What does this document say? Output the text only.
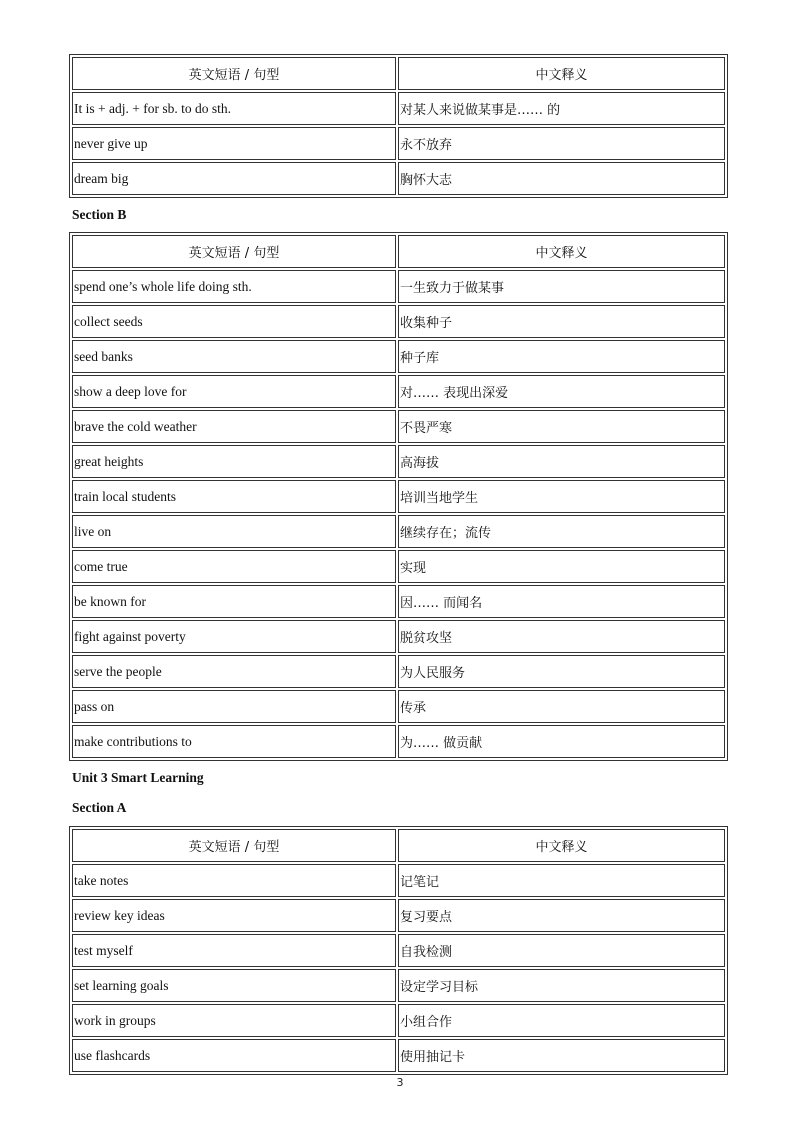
英文短语 / 句型	中文释义
It is + adj. + for sb. to do sth.	对某人来说做某事是…… 的
never give up	永不放弃
dream big	胸怀大志
Section B
英文短语 / 句型	中文释义
spend one’s whole life doing sth.	一生致力于做某事
collect seeds	收集种子
seed banks	种子库
show a deep love for	对…… 表现出深爱
brave the cold weather	不畏严寒
great heights	高海拔
train local students	培训当地学生
live on	继续存在；流传
come true	实现
be known for	因…… 而闻名
fight against poverty	脱贫攻坚
serve the people	为人民服务
pass on	传承
make contributions to	为…… 做贡献
Unit 3 Smart Learning
Section A
英文短语 / 句型	中文释义
take notes	记笔记
review key ideas	复习要点
test myself	自我检测
set learning goals	设定学习目标
work in groups	小组合作
use flashcards	使用抽记卡
3
